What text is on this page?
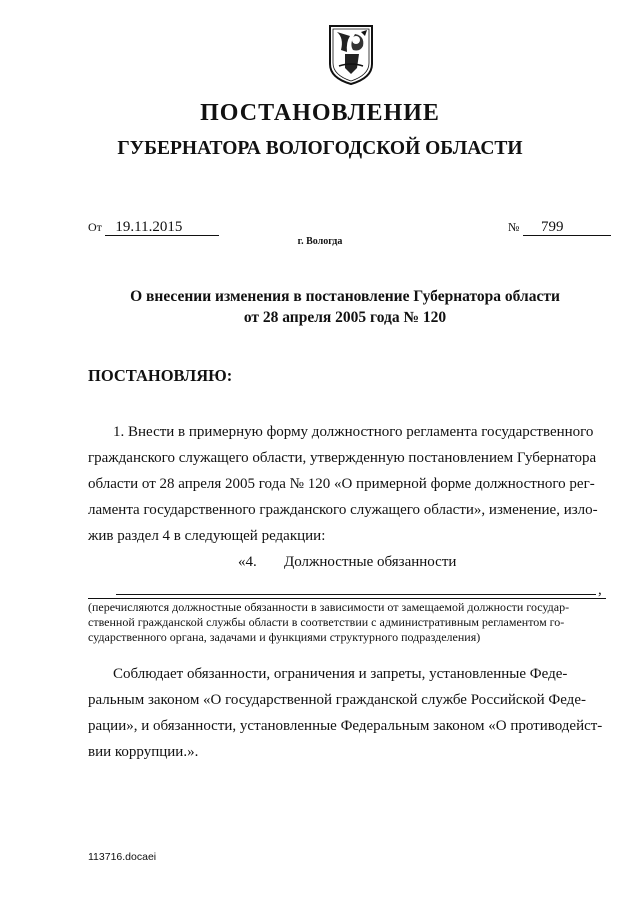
ПОСТАНОВЛЕНИЕ
ГУБЕРНАТОРА ВОЛОГОДСКОЙ ОБЛАСТИ
От 19.11.2015	№ 799
г. Вологда
О внесении изменения в постановление Губернатора области
от 28 апреля 2005 года № 120
ПОСТАНОВЛЯЮ:
1. Внести в примерную форму должностного регламента государственного
гражданского служащего области, утвержденную постановлением Губернатора
области от 28 апреля 2005 года № 120 «О примерной форме должностного рег-
ламента государственного гражданского служащего области», изменение, изло-
жив раздел 4 в следующей редакции:
«4. Должностные обязанности
,
(перечисляются должностные обязанности в зависимости от замещаемой должности государ-
ственной гражданской службы области в соответствии с административным регламентом го-
сударственного органа, задачами и функциями структурного подразделения)
Соблюдает обязанности, ограничения и запреты, установленные Феде-
ральным законом «О государственной гражданской службе Российской Феде-
рации», и обязанности, установленные Федеральным законом «О противодейст-
вии коррупции.».
113716.docaei
